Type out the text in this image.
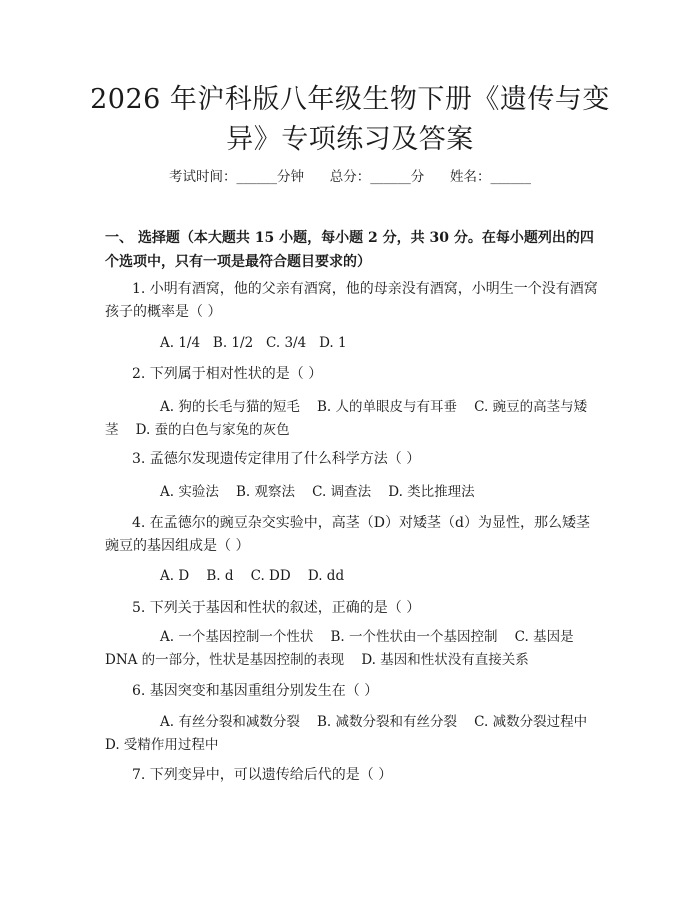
2026 年沪科版八年级生物下册《遗传与变
异》专项练习及答案
考试时间：______分钟      总分：______分      姓名：______
一、 选择题（本大题共 15 小题，每小题 2 分，共 30 分。在每小题列出的四个选项中，只有一项是最符合题目要求的）
1. 小明有酒窝，他的父亲有酒窝，他的母亲没有酒窝，小明生一个没有酒窝孩子的概率是（ ）
A. 1/4   B. 1/2   C. 3/4   D. 1
2. 下列属于相对性状的是（ ）
A. 狗的长毛与猫的短毛    B. 人的单眼皮与有耳垂    C. 豌豆的高茎与矮茎    D. 蚕的白色与家兔的灰色
3. 孟德尔发现遗传定律用了什么科学方法（ ）
A. 实验法    B. 观察法    C. 调查法    D. 类比推理法
4. 在孟德尔的豌豆杂交实验中，高茎（D）对矮茎（d）为显性，那么矮茎豌豆的基因组成是（ ）
A. D    B. d    C. DD    D. dd
5. 下列关于基因和性状的叙述，正确的是（ ）
A. 一个基因控制一个性状    B. 一个性状由一个基因控制    C. 基因是DNA 的一部分，性状是基因控制的表现    D. 基因和性状没有直接关系
6. 基因突变和基因重组分别发生在（ ）
A. 有丝分裂和减数分裂    B. 减数分裂和有丝分裂    C. 减数分裂过程中    D. 受精作用过程中
7. 下列变异中，可以遗传给后代的是（ ）
